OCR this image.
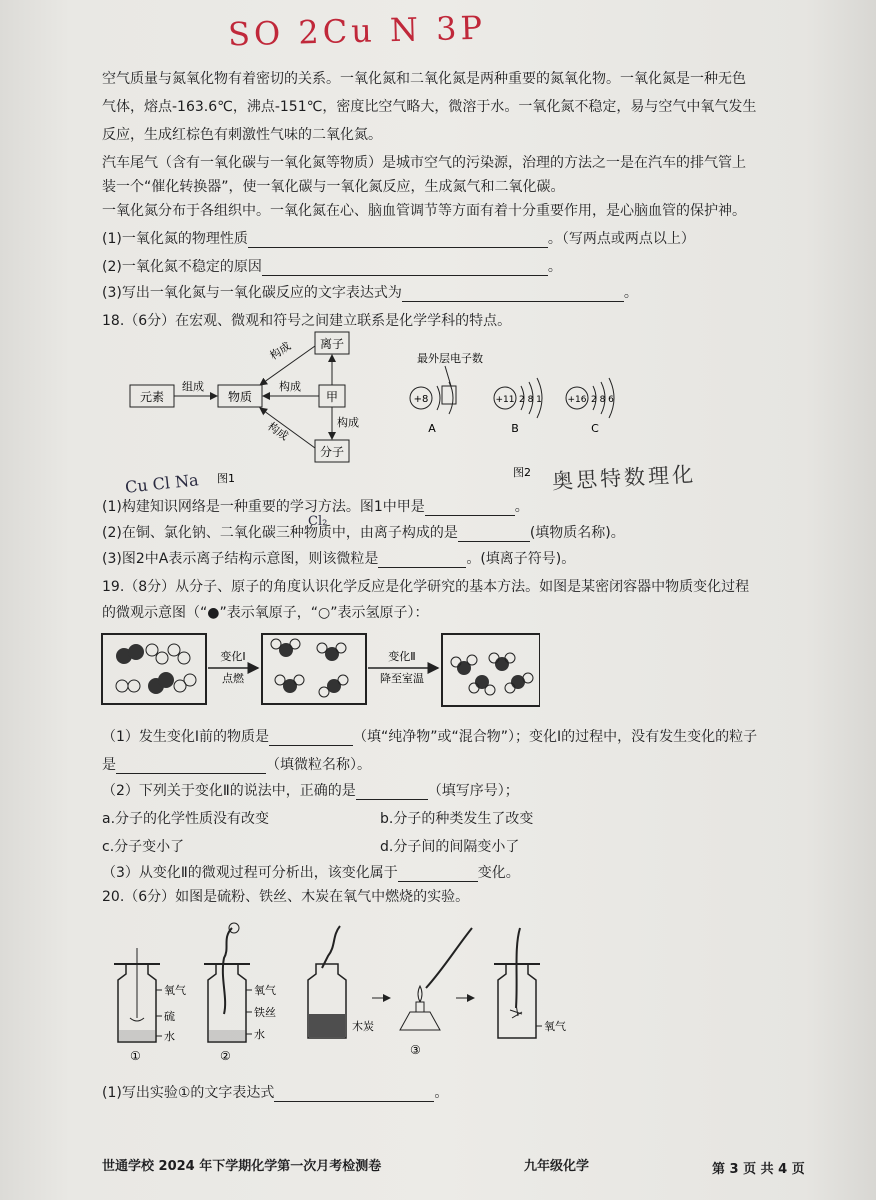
SO 2Cu N 3P
空气质量与氮氧化物有着密切的关系。一氧化氮和二氧化氮是两种重要的氮氧化物。一氧化氮是一种无色
气体，熔点-163.6℃，沸点-151℃，密度比空气略大，微溶于水。一氧化氮不稳定，易与空气中氧气发生
反应，生成红棕色有刺激性气味的二氧化氮。
汽车尾气（含有一氧化碳与一氧化氮等物质）是城市空气的污染源，治理的方法之一是在汽车的排气管上
装一个“催化转换器”，使一氧化碳与一氧化氮反应，生成氮气和二氧化碳。
一氧化氮分布于各组织中。一氧化氮在心、脑血管调节等方面有着十分重要作用，是心脑血管的保护神。
(1)一氧化氮的物理性质	。（写两点或两点以上）
(2)一氧化氮不稳定的原因	。
(3)写出一氧化氮与一氧化碳反应的文字表达式为	。
18.（6分）在宏观、微观和符号之间建立联系是化学学科的特点。
元素	物质
离子
甲
分子
组成
构成
构成
构成	构成
图1
最外层电子数
+8
A
+11 2 8 1
B
+16 2 8 6
C
图2
Cu Cl Na
Cl₂
奥思特数理化
(1)构建知识网络是一种重要的学习方法。图1中甲是	。
(2)在铜、氯化钠、二氧化碳三种物质中，由离子构成的是	(填物质名称)。
(3)图2中A表示离子结构示意图，则该微粒是	。(填离子符号)。
19.（8分）从分子、原子的角度认识化学反应是化学研究的基本方法。如图是某密闭容器中物质变化过程
的微观示意图（“●”表示氧原子，“○”表示氢原子）：
变化Ⅰ
点燃
变化Ⅱ
降至室温
（1）发生变化Ⅰ前的物质是	（填“纯净物”或“混合物”）；变化Ⅰ的过程中，没有发生变化的粒子
是	（填微粒名称）。
（2）下列关于变化Ⅱ的说法中，正确的是	（填写序号）；
a.分子的化学性质没有改变	b.分子的种类发生了改变
c.分子变小了	d.分子间的间隔变小了
（3）从变化Ⅱ的微观过程可分析出，该变化属于	变化。
20.（6分）如图是硫粉、铁丝、木炭在氧气中燃烧的实验。
氧气
硫
水
①
氧气
铁丝
水
②
木炭
③
氧气
(1)写出实验①的文字表达式	。
世通学校 2024 年下学期化学第一次月考检测卷	九年级化学	第 3 页 共 4 页
